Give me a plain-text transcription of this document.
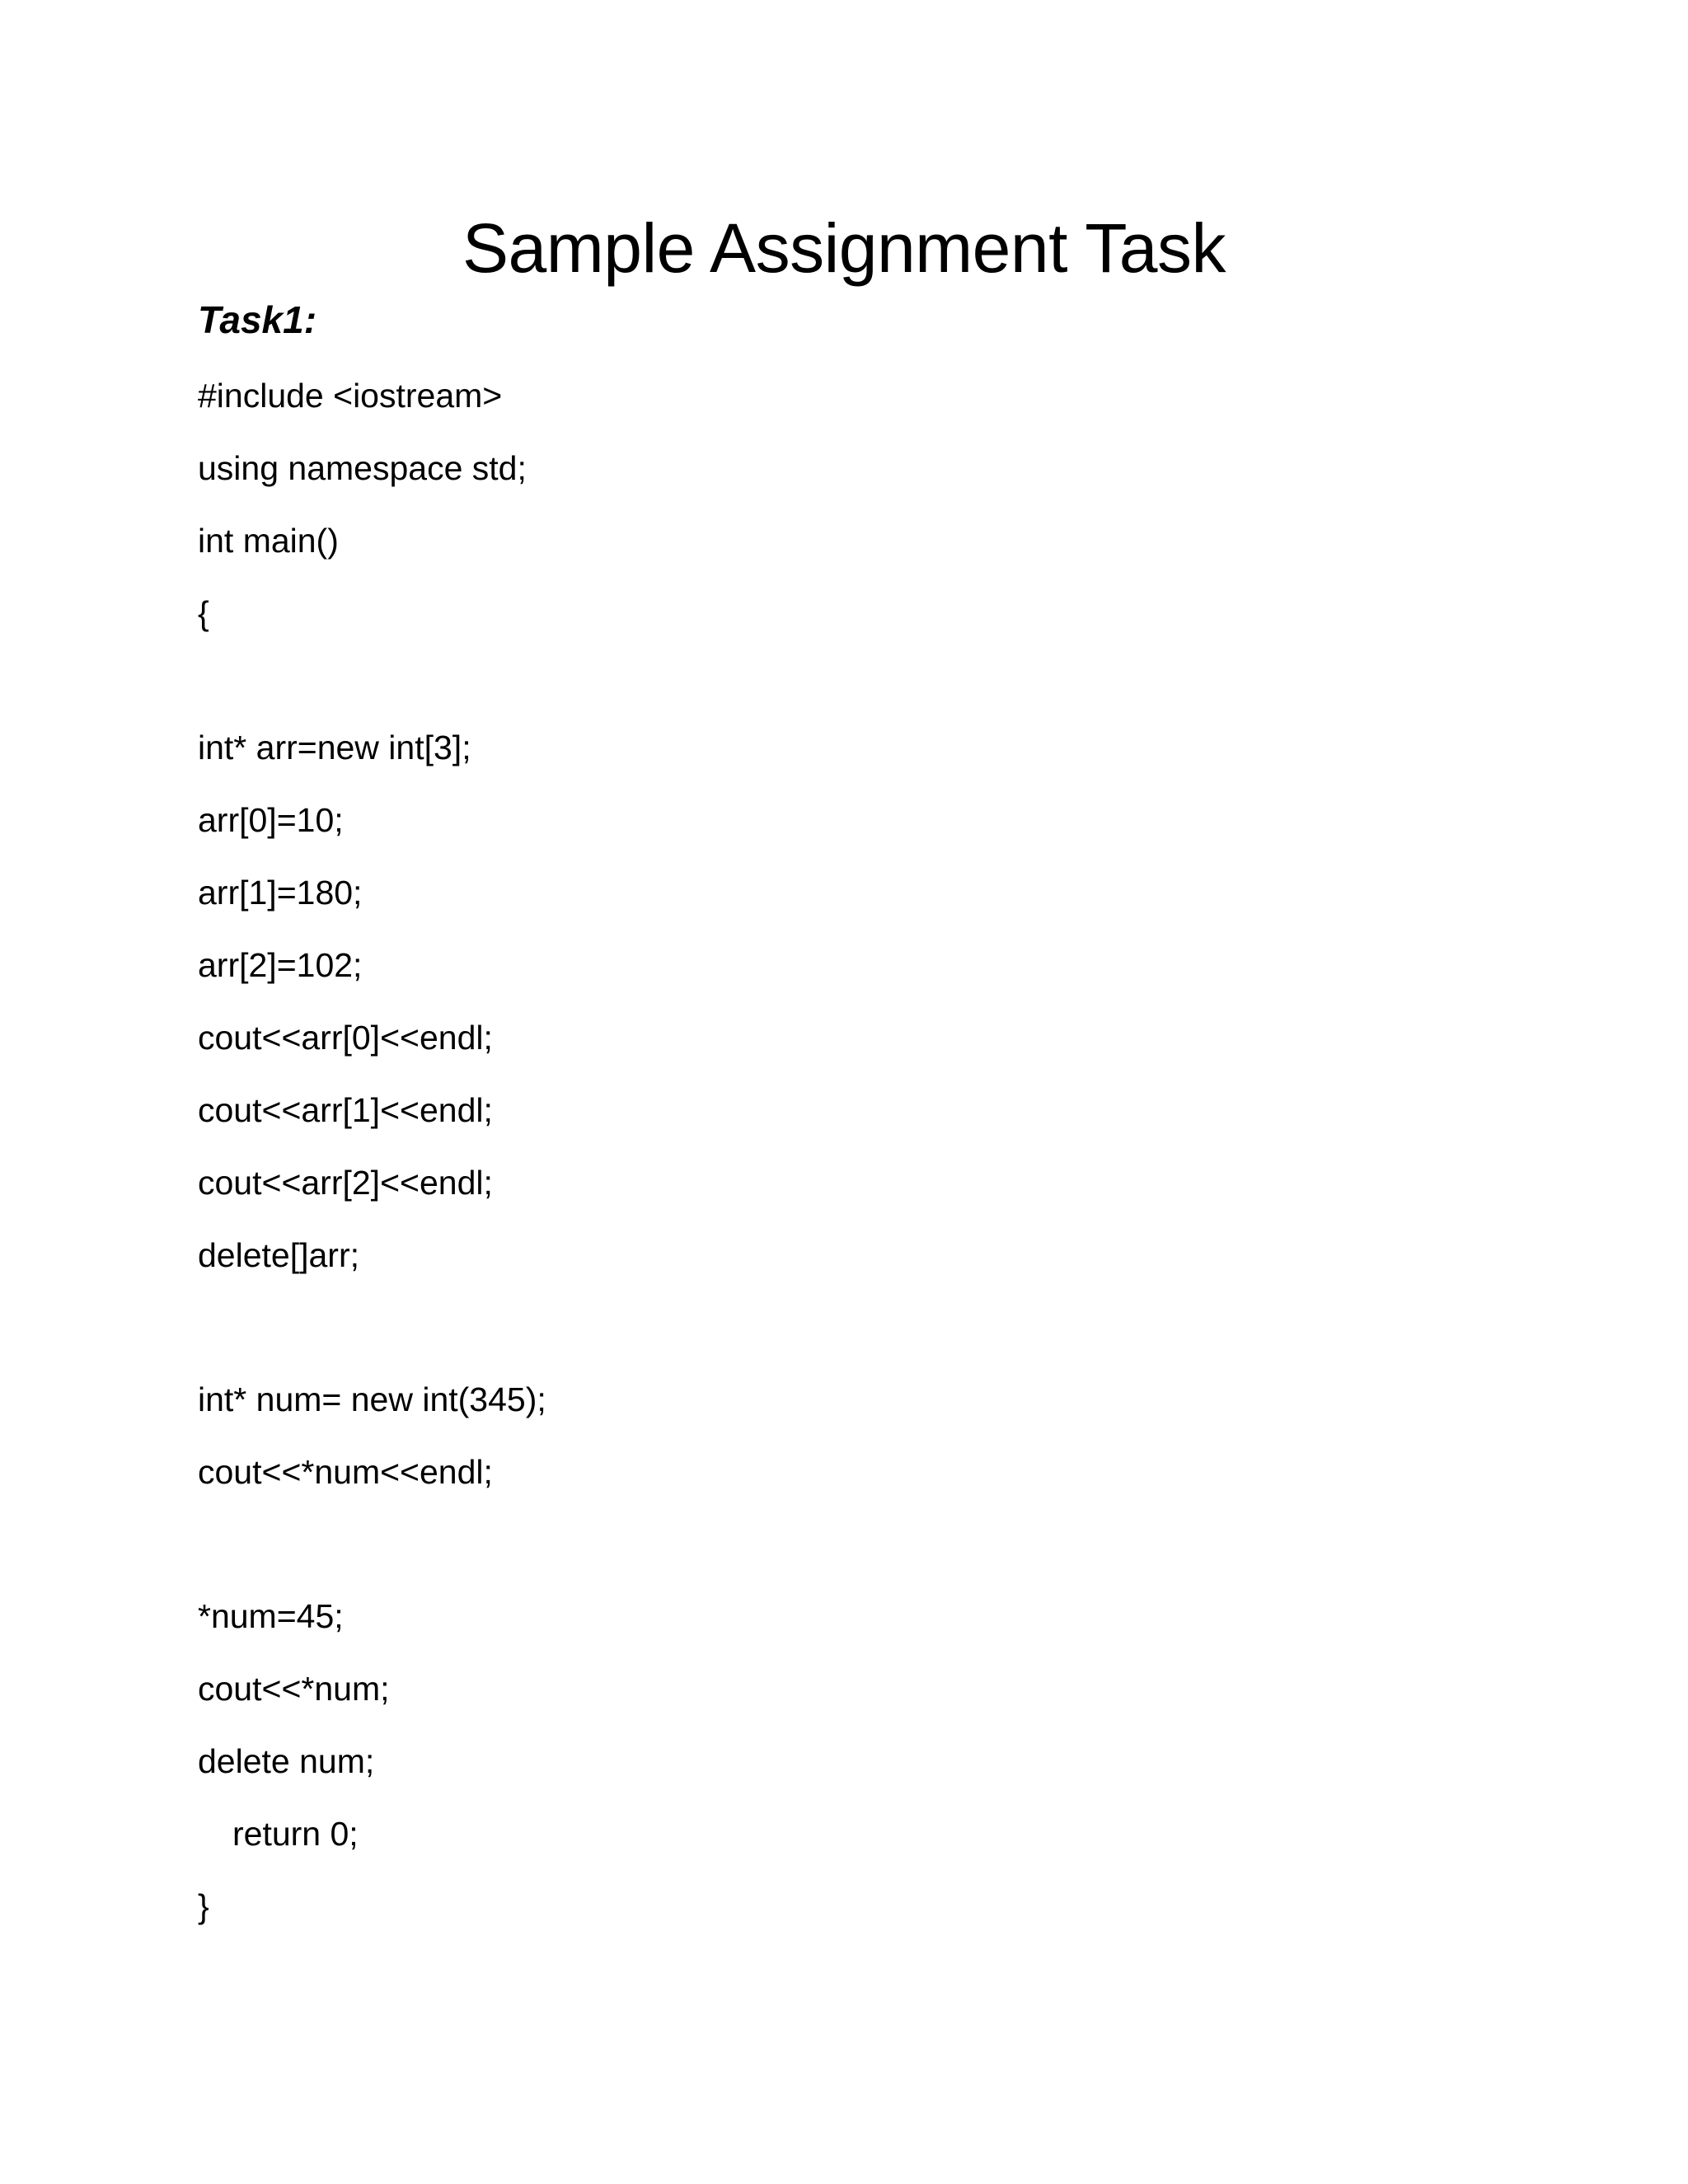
Sample Assignment Task
Task1:
#include <iostream>
using namespace std;
int main()
{
int* arr=new int[3];
arr[0]=10;
arr[1]=180;
arr[2]=102;
cout<<arr[0]<<endl;
cout<<arr[1]<<endl;
cout<<arr[2]<<endl;
delete[]arr;
int* num= new int(345);
cout<<*num<<endl;
*num=45;
cout<<*num;
delete num;
return 0;
}
